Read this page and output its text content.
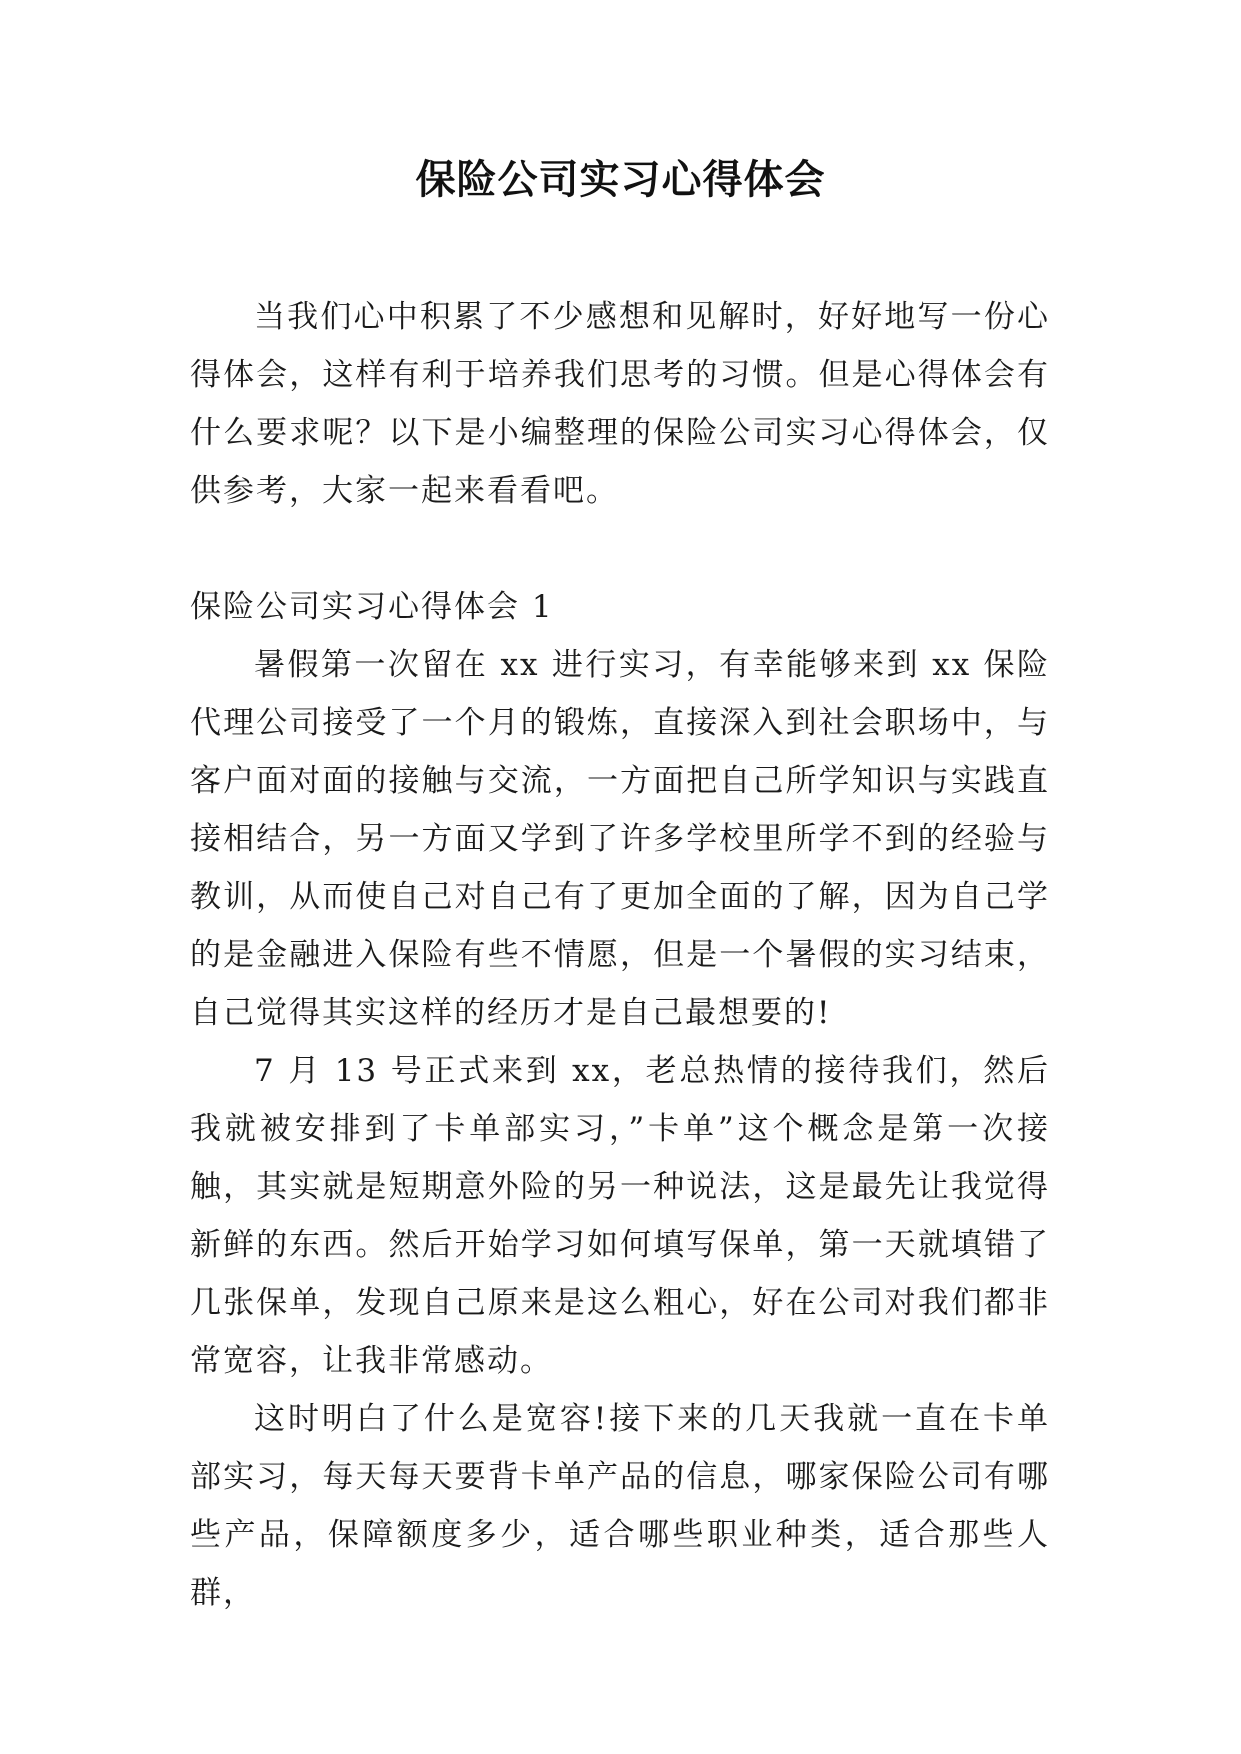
保险公司实习心得体会

当我们心中积累了不少感想和见解时，好好地写一份心得体会，这样有利于培养我们思考的习惯。但是心得体会有什么要求呢？以下是小编整理的保险公司实习心得体会，仅供参考，大家一起来看看吧。

保险公司实习心得体会 1

暑假第一次留在 xx 进行实习，有幸能够来到 xx 保险代理公司接受了一个月的锻炼，直接深入到社会职场中，与客户面对面的接触与交流，一方面把自己所学知识与实践直接相结合，另一方面又学到了许多学校里所学不到的经验与教训，从而使自己对自己有了更加全面的了解，因为自己学的是金融进入保险有些不情愿，但是一个暑假的实习结束，自己觉得其实这样的经历才是自己最想要的!

7 月 13 号正式来到 xx，老总热情的接待我们，然后我就被安排到了卡单部实习，”卡单”这个概念是第一次接触，其实就是短期意外险的另一种说法，这是最先让我觉得新鲜的东西。然后开始学习如何填写保单，第一天就填错了几张保单，发现自己原来是这么粗心，好在公司对我们都非常宽容，让我非常感动。

这时明白了什么是宽容!接下来的几天我就一直在卡单部实习，每天每天要背卡单产品的信息，哪家保险公司有哪些产品，保障额度多少，适合哪些职业种类，适合那些人群，
